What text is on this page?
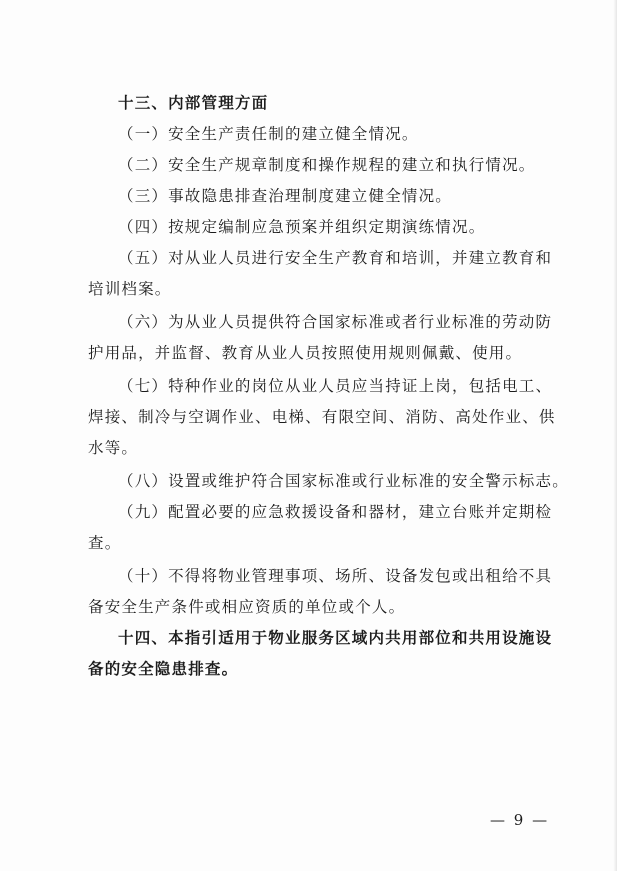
十三、内部管理方面
（一）安全生产责任制的建立健全情况。
（二）安全生产规章制度和操作规程的建立和执行情况。
（三）事故隐患排查治理制度建立健全情况。
（四）按规定编制应急预案并组织定期演练情况。
（五）对从业人员进行安全生产教育和培训，并建立教育和
培训档案。
（六）为从业人员提供符合国家标准或者行业标准的劳动防
护用品，并监督、教育从业人员按照使用规则佩戴、使用。
（七）特种作业的岗位从业人员应当持证上岗，包括电工、
焊接、制冷与空调作业、电梯、有限空间、消防、高处作业、供
水等。
（八）设置或维护符合国家标准或行业标准的安全警示标志。
（九）配置必要的应急救援设备和器材，建立台账并定期检
查。
（十）不得将物业管理事项、场所、设备发包或出租给不具
备安全生产条件或相应资质的单位或个人。
十四、本指引适用于物业服务区域内共用部位和共用设施设
备的安全隐患排查。
— 9 —
